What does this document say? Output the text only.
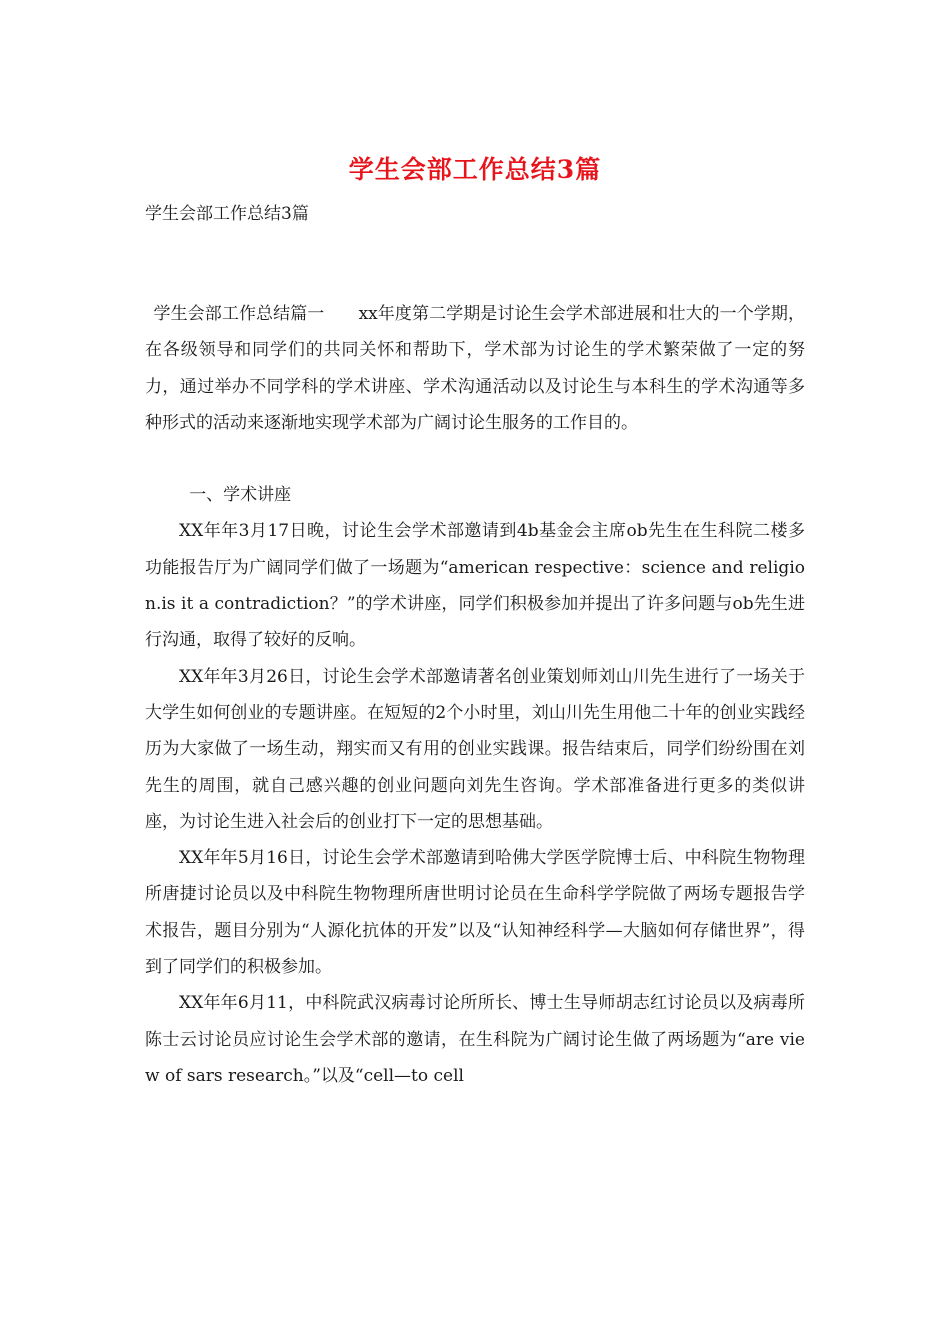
学生会部工作总结3篇
学生会部工作总结3篇

学生会部工作总结篇一　　xx年度第二学期是讨论生会学术部进展和壮大的一个学期，在各级领导和同学们的共同关怀和帮助下，学术部为讨论生的学术繁荣做了一定的努力，通过举办不同学科的学术讲座、学术沟通活动以及讨论生与本科生的学术沟通等多种形式的活动来逐渐地实现学术部为广阔讨论生服务的工作目的。

一、学术讲座

XX年年3月17日晚，讨论生会学术部邀请到4b基金会主席ob先生在生科院二楼多功能报告厅为广阔同学们做了一场题为“american respective：science and religion.is it a contradiction？”的学术讲座，同学们积极参加并提出了许多问题与ob先生进行沟通，取得了较好的反响。

XX年年3月26日，讨论生会学术部邀请著名创业策划师刘山川先生进行了一场关于大学生如何创业的专题讲座。在短短的2个小时里，刘山川先生用他二十年的创业实践经历为大家做了一场生动，翔实而又有用的创业实践课。报告结束后，同学们纷纷围在刘先生的周围，就自己感兴趣的创业问题向刘先生咨询。学术部准备进行更多的类似讲座，为讨论生进入社会后的创业打下一定的思想基础。

XX年年5月16日，讨论生会学术部邀请到哈佛大学医学院博士后、中科院生物物理所唐捷讨论员以及中科院生物物理所唐世明讨论员在生命科学学院做了两场专题报告学术报告，题目分别为“人源化抗体的开发”以及“认知神经科学—大脑如何存储世界”，得到了同学们的积极参加。

XX年年6月11，中科院武汉病毒讨论所所长、博士生导师胡志红讨论员以及病毒所陈士云讨论员应讨论生会学术部的邀请，在生科院为广阔讨论生做了两场题为“are view of sars research。”以及“cell—to cell
